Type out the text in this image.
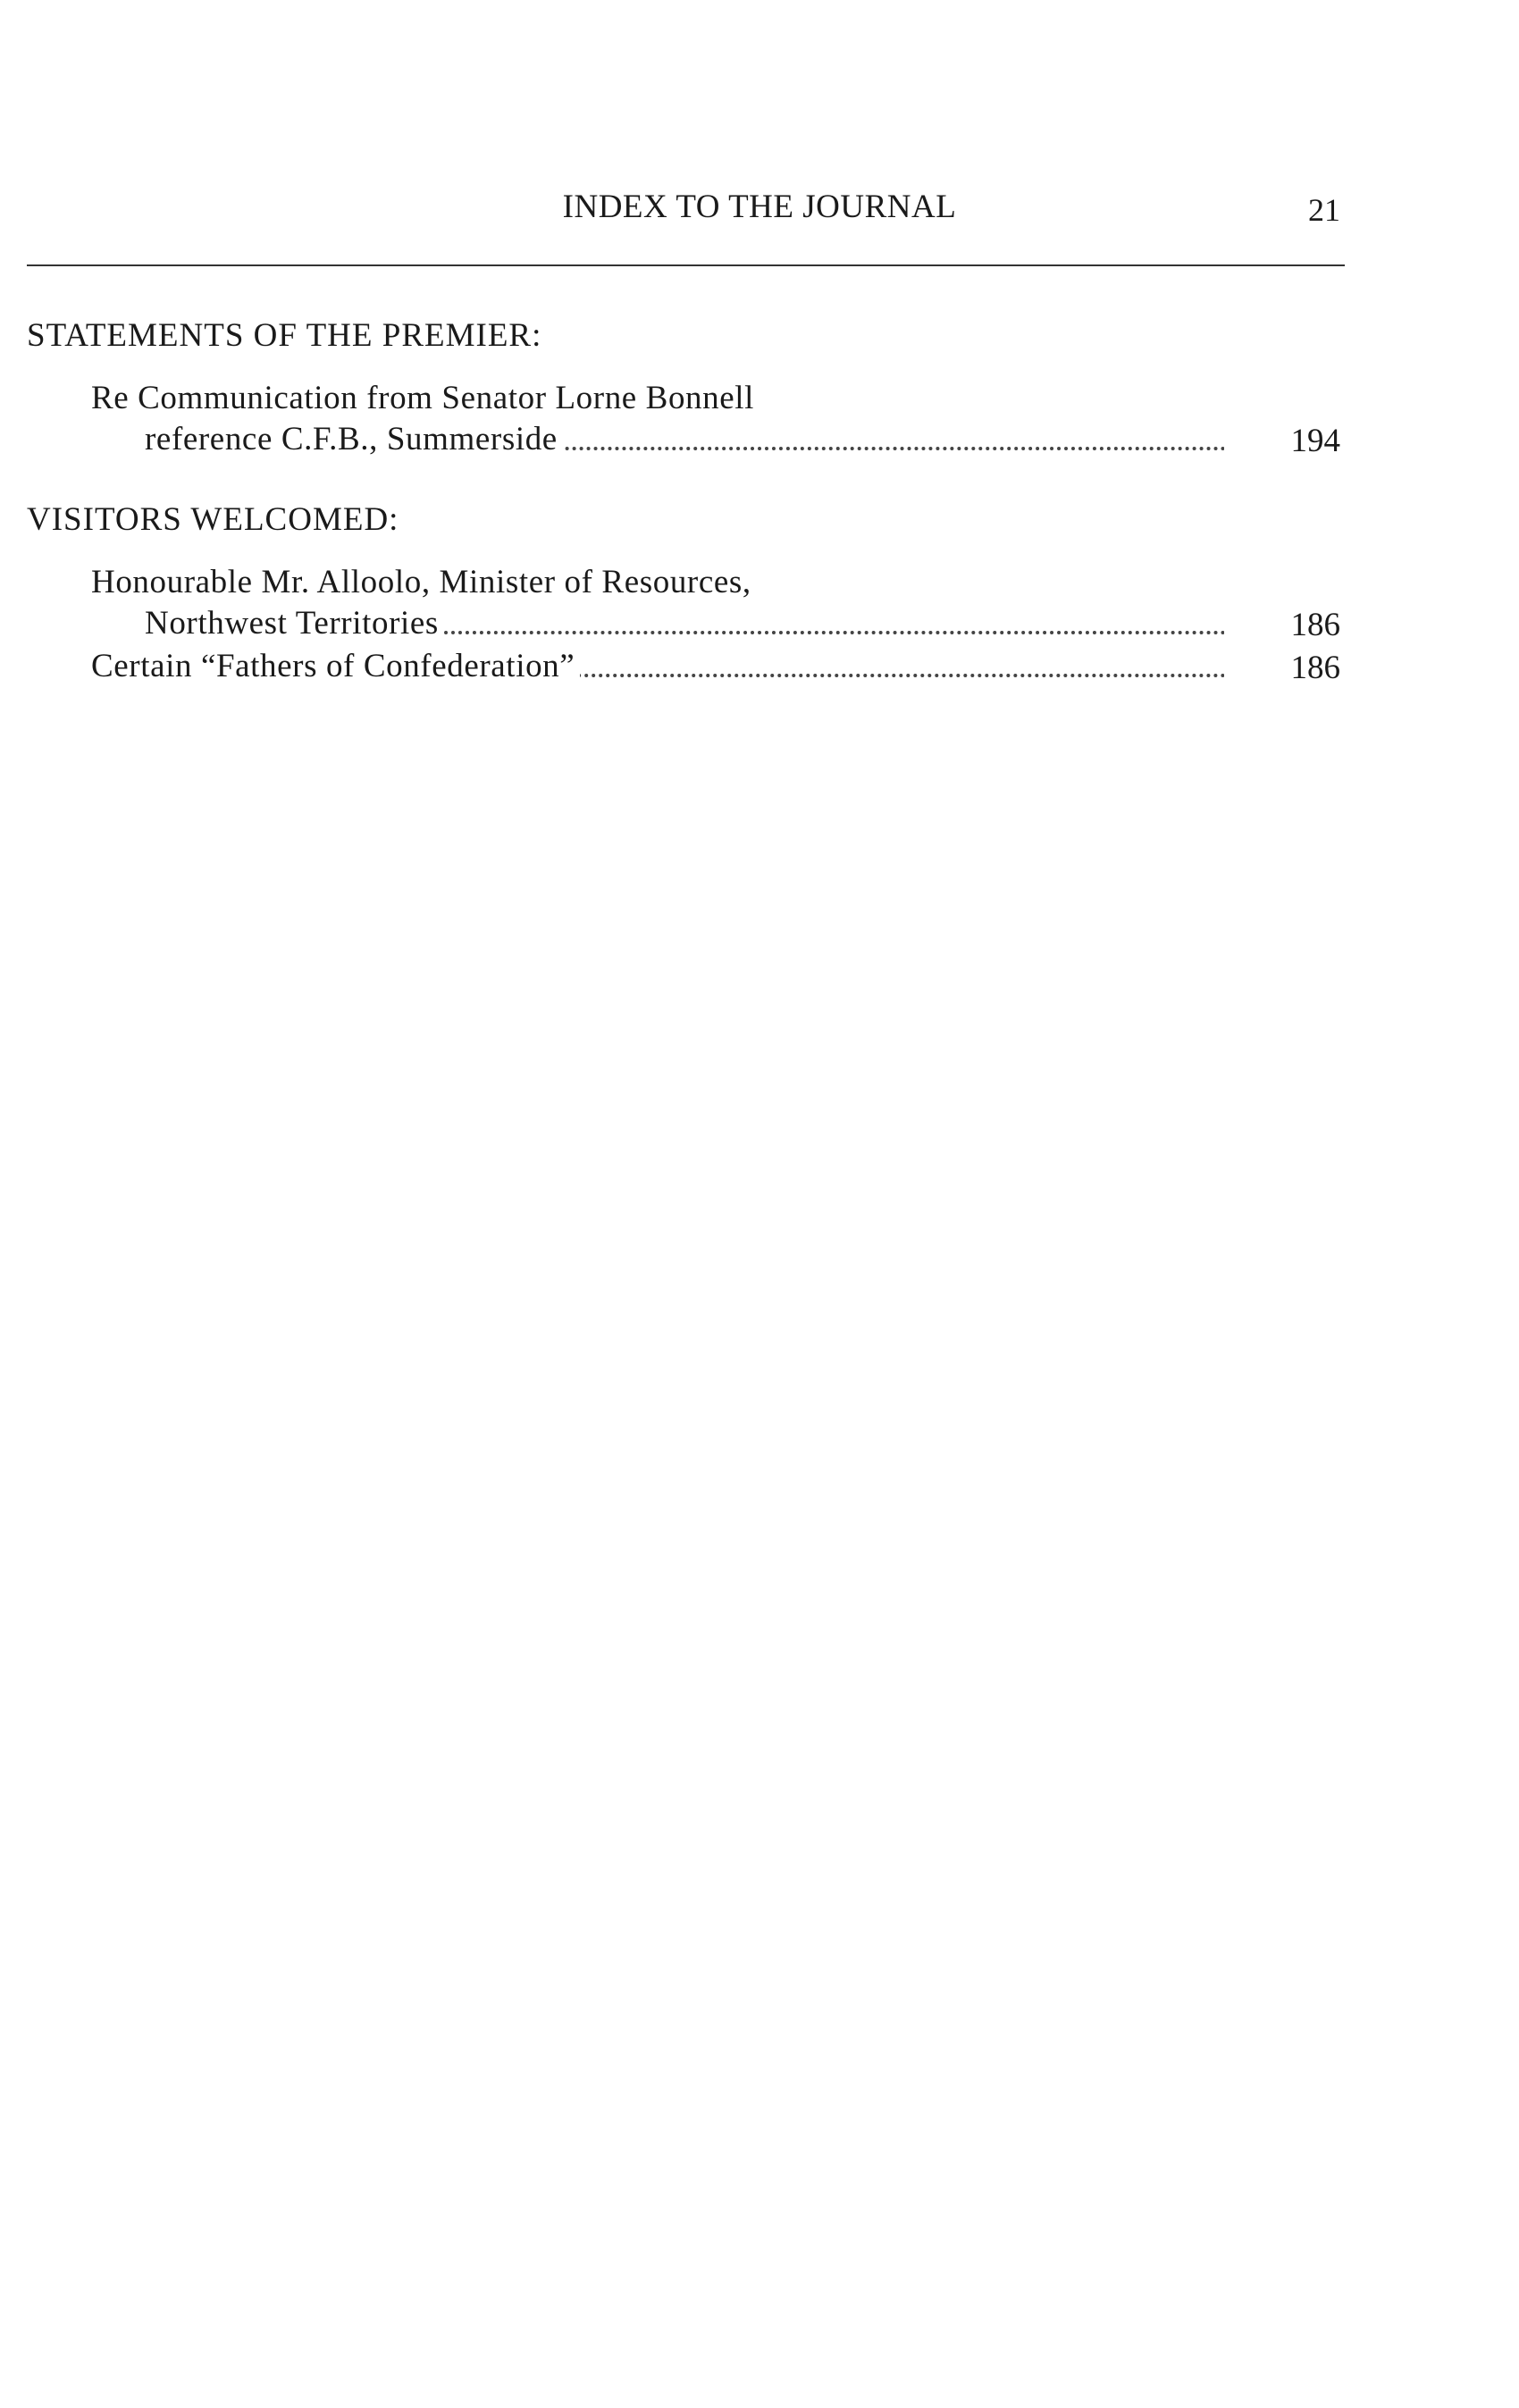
INDEX TO THE JOURNAL	21
STATEMENTS OF THE PREMIER:
Re Communication from Senator Lorne Bonnell
reference C.F.B., Summerside	194
VISITORS WELCOMED:
Honourable Mr. Alloolo, Minister of Resources,
Northwest Territories	186
Certain “Fathers of Confederation”	186
